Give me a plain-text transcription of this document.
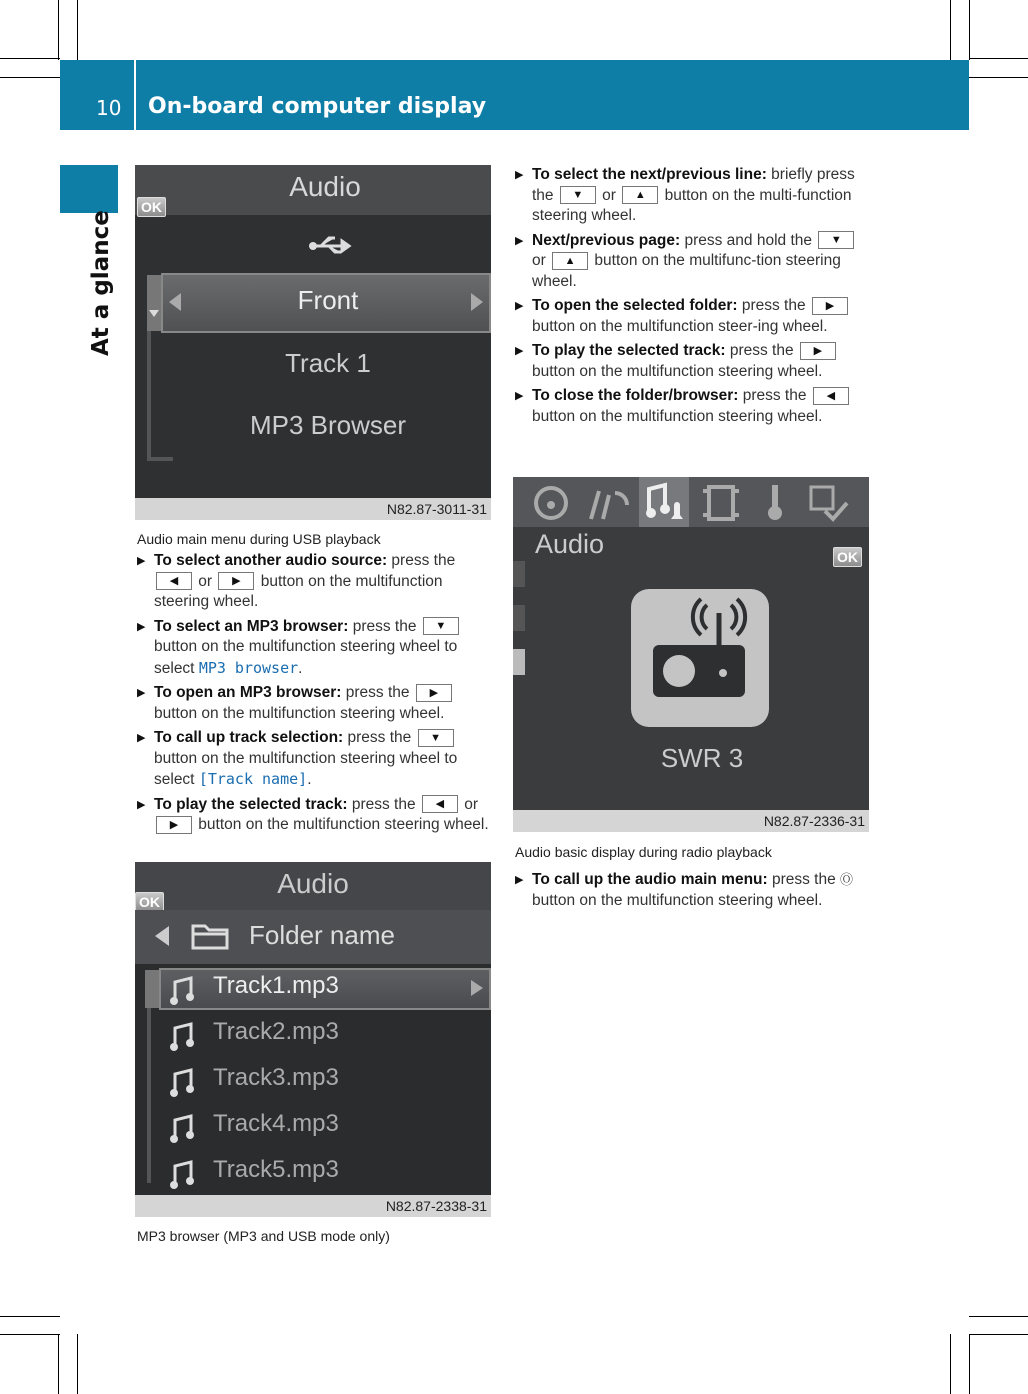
10 On-board computer display
At a glance
Audio
OK
Front
Track 1
MP3 Browser
N82.87-3011-31
Audio main menu during USB playback
▶ To select another audio source: press the ◀ or ▶ button on the multifunction steering wheel.
▶ To select an MP3 browser: press the ▼ button on the multifunction steering wheel to select MP3 browser.
▶ To open an MP3 browser: press the ▶ button on the multifunction steering wheel.
▶ To call up track selection: press the ▼ button on the multifunction steering wheel to select [Track name].
▶ To play the selected track: press the ◀ or ▶ button on the multifunction steering wheel.
Audio
OK
Folder name
Track1.mp3
Track2.mp3
Track3.mp3
Track4.mp3
Track5.mp3
N82.87-2338-31
MP3 browser (MP3 and USB mode only)
▶ To select the next/previous line: briefly press the ▼ or ▲ button on the multi-function steering wheel.
▶ Next/previous page: press and hold the ▼ or ▲ button on the multifunc-tion steering wheel.
▶ To open the selected folder: press the ▶ button on the multifunction steer-ing wheel.
▶ To play the selected track: press the ▶ button on the multifunction steering wheel.
▶ To close the folder/browser: press the ◀ button on the multifunction steering wheel.
Audio	OK
SWR 3
N82.87-2336-31
Audio basic display during radio playback
▶ To call up the audio main menu: press the Ⓞ button on the multifunction steering wheel.
